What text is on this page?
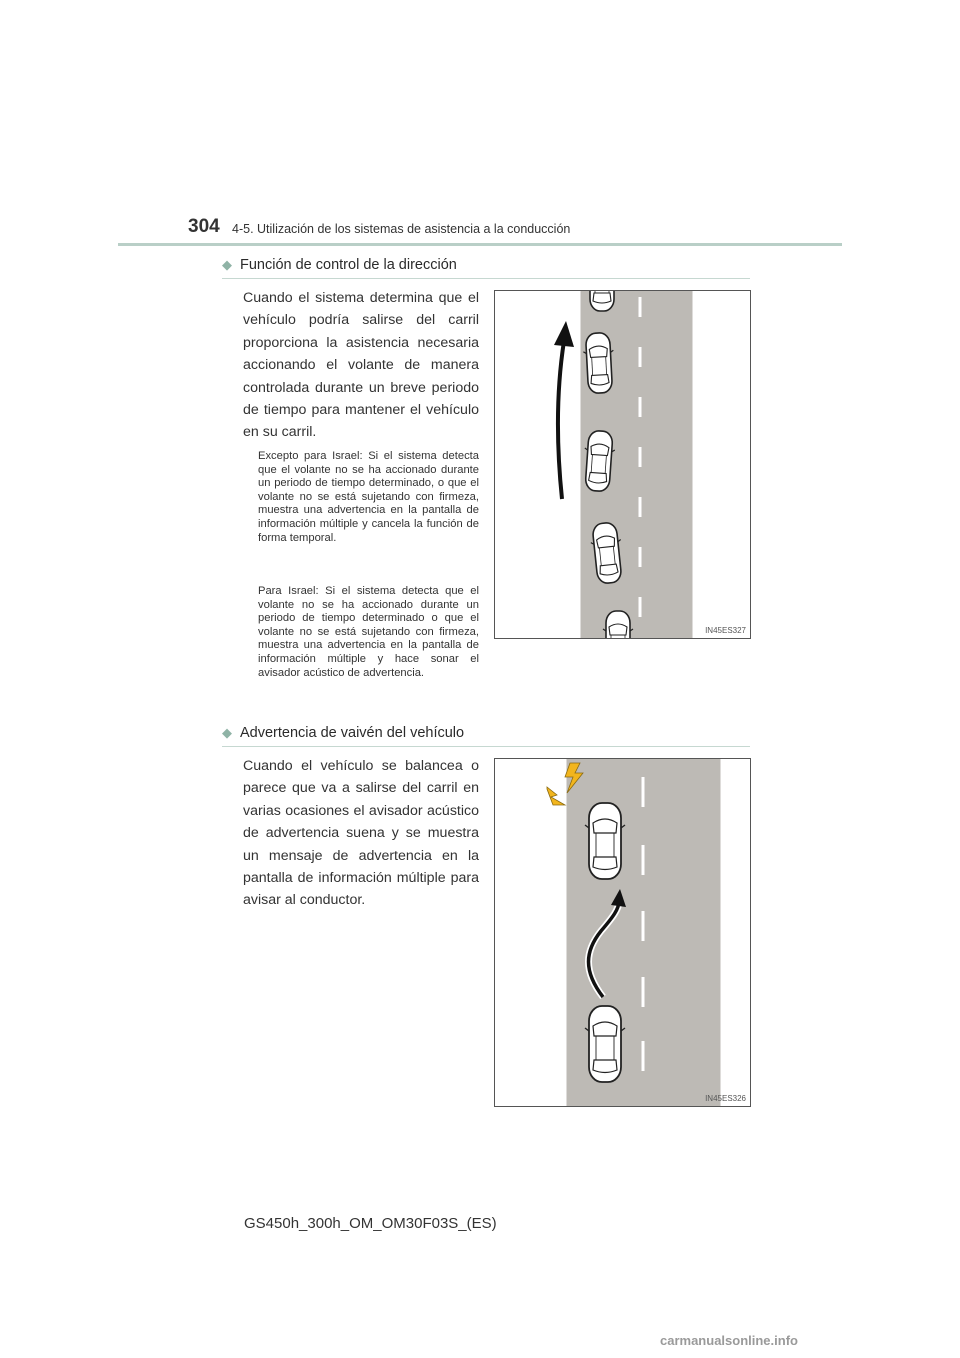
304 4-5. Utilización de los sistemas de asistencia a la conducción
◆ Función de control de la dirección
Cuando el sistema determina que el vehículo podría salirse del carril proporciona la asistencia necesaria accionando el volante de manera controlada durante un breve periodo de tiempo para mantener el vehículo en su carril.
Excepto para Israel: Si el sistema detecta que el volante no se ha accionado durante un periodo de tiempo determinado, o que el volante no se está sujetando con firmeza, muestra una advertencia en la pantalla de información múltiple y cancela la función de forma temporal.
Para Israel: Si el sistema detecta que el volante no se ha accionado durante un periodo de tiempo determinado o que el volante no se está sujetando con firmeza, muestra una advertencia en la pantalla de información múltiple y hace sonar el avisador acústico de advertencia.
IN45ES327
◆ Advertencia de vaivén del vehículo
Cuando el vehículo se balancea o parece que va a salirse del carril en varias ocasiones el avisador acústico de advertencia suena y se muestra un mensaje de advertencia en la pantalla de información múltiple para avisar al conductor.
IN45ES326
GS450h_300h_OM_OM30F03S_(ES)
carmanualsonline.info
